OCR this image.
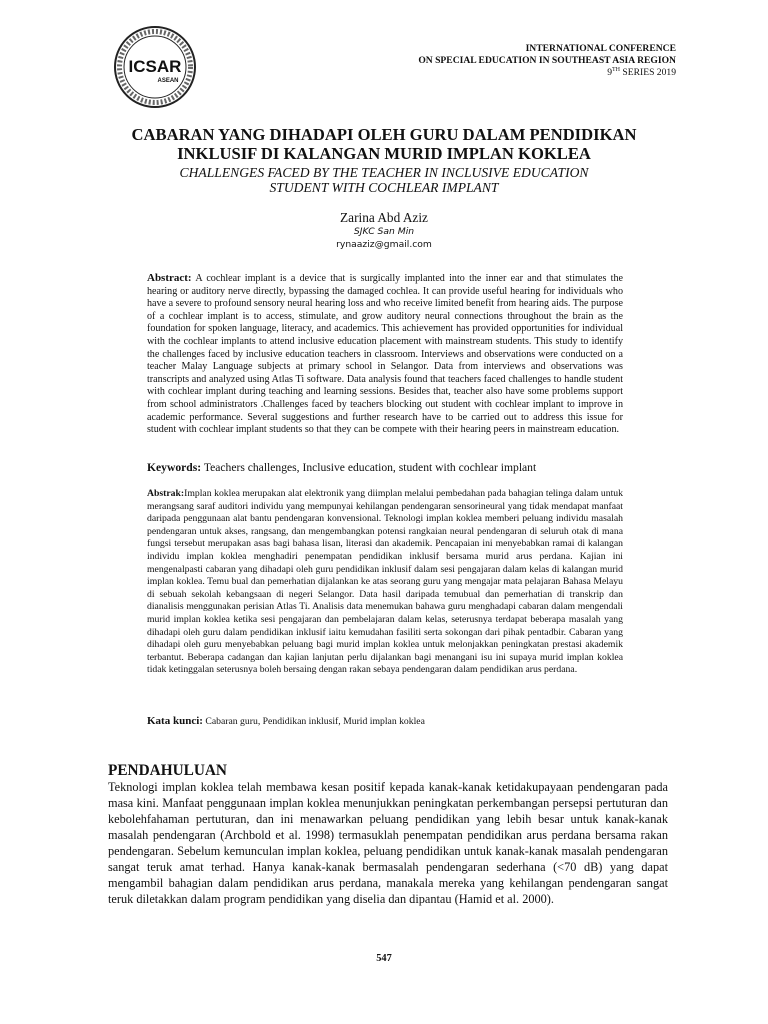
ICSAR
ASEAN
INTERNATIONAL CONFERENCE
ON SPECIAL EDUCATION IN SOUTHEAST ASIA REGION
9TH SERIES 2019
CABARAN YANG DIHADAPI OLEH GURU DALAM PENDIDIKAN INKLUSIF DI KALANGAN MURID IMPLAN KOKLEA
CHALLENGES FACED BY THE TEACHER IN INCLUSIVE EDUCATION STUDENT WITH COCHLEAR IMPLANT
Zarina Abd Aziz
SJKC San Min
rynaaziz@gmail.com
Abstract: A cochlear implant is a device that is surgically implanted into the inner ear and that stimulates the hearing or auditory nerve directly, bypassing the damaged cochlea. It can provide useful hearing for individuals who have a severe to profound sensory neural hearing loss and who receive limited benefit from hearing aids. The purpose of a cochlear implant is to access, stimulate, and grow auditory neural connections throughout the brain as the foundation for spoken language, literacy, and academics. This achievement has provided opportunities for individual with the cochlear implants to attend inclusive education placement with mainstream students. This study to identify the challenges faced by inclusive education teachers in classroom. Interviews and observations were conducted on a teacher Malay Language subjects at primary school in Selangor. Data from interviews and observations was transcripts and analyzed using Atlas Ti software. Data analysis found that teachers faced challenges to handle student with cochlear implant during teaching and learning sessions. Besides that, teacher also have some problems support from school administrators .Challenges faced by teachers blocking out student with cochlear implant to improve in academic performance. Several suggestions and further research have to be carried out to address this issue for student with cochlear implant students so that they can be compete with their hearing peers in mainstream education.
Keywords: Teachers challenges, Inclusive education, student with cochlear implant
Abstrak:Implan koklea merupakan alat elektronik yang diimplan melalui pembedahan pada bahagian telinga dalam untuk merangsang saraf auditori individu yang mempunyai kehilangan pendengaran sensorineural yang tidak mendapat manfaat daripada penggunaan alat bantu pendengaran konvensional. Teknologi implan koklea memberi peluang individu masalah pendengaran untuk akses, rangsang, dan mengembangkan potensi rangkaian neural pendengaran di seluruh otak di mana fungsi tersebut merupakan asas bagi bahasa lisan, literasi dan akademik. Pencapaian ini menyebabkan ramai di kalangan individu implan koklea menghadiri penempatan pendidikan inklusif bersama murid arus perdana. Kajian ini mengenalpasti cabaran yang dihadapi oleh guru pendidikan inklusif dalam sesi pengajaran dalam kelas di kalangan murid implan koklea. Temu bual dan pemerhatian dijalankan ke atas seorang guru yang mengajar mata pelajaran Bahasa Melayu di sebuah sekolah kebangsaan di negeri Selangor. Data hasil daripada temubual dan pemerhatian di transkrip dan dianalisis menggunakan perisian Atlas Ti. Analisis data menemukan bahawa guru menghadapi cabaran dalam mengendali murid implan koklea ketika sesi pengajaran dan pembelajaran dalam kelas, seterusnya terdapat beberapa masalah yang dihadapi oleh guru dalam pendidikan inklusif iaitu kemudahan fasiliti serta sokongan dari pihak pentadbir. Cabaran yang dihadapi oleh guru menyebabkan peluang bagi murid implan koklea untuk melonjakkan peningkatan prestasi akademik terbantut. Beberapa cadangan dan kajian lanjutan perlu dijalankan bagi menangani isu ini supaya murid implan koklea tidak ketinggalan seterusnya boleh bersaing dengan rakan sebaya pendengaran dalam pendidikan arus perdana.
Kata kunci: Cabaran guru, Pendidikan inklusif, Murid implan koklea
PENDAHULUAN
Teknologi implan koklea telah membawa kesan positif kepada kanak-kanak ketidakupayaan pendengaran pada masa kini. Manfaat penggunaan implan koklea menunjukkan peningkatan perkembangan persepsi pertuturan dan kebolehfahaman pertuturan, dan ini menawarkan peluang pendidikan yang lebih besar untuk kanak-kanak masalah pendengaran (Archbold et al. 1998) termasuklah penempatan pendidikan arus perdana bersama rakan pendengaran. Sebelum kemunculan implan koklea, peluang pendidikan untuk kanak-kanak masalah pendengaran sangat teruk amat terhad. Hanya kanak-kanak bermasalah pendengaran sederhana (<70 dB) yang dapat mengambil bahagian dalam pendidikan arus perdana, manakala mereka yang kehilangan pendengaran sangat teruk diletakkan dalam program pendidikan yang diselia dan dipantau (Hamid et al. 2000).
547
